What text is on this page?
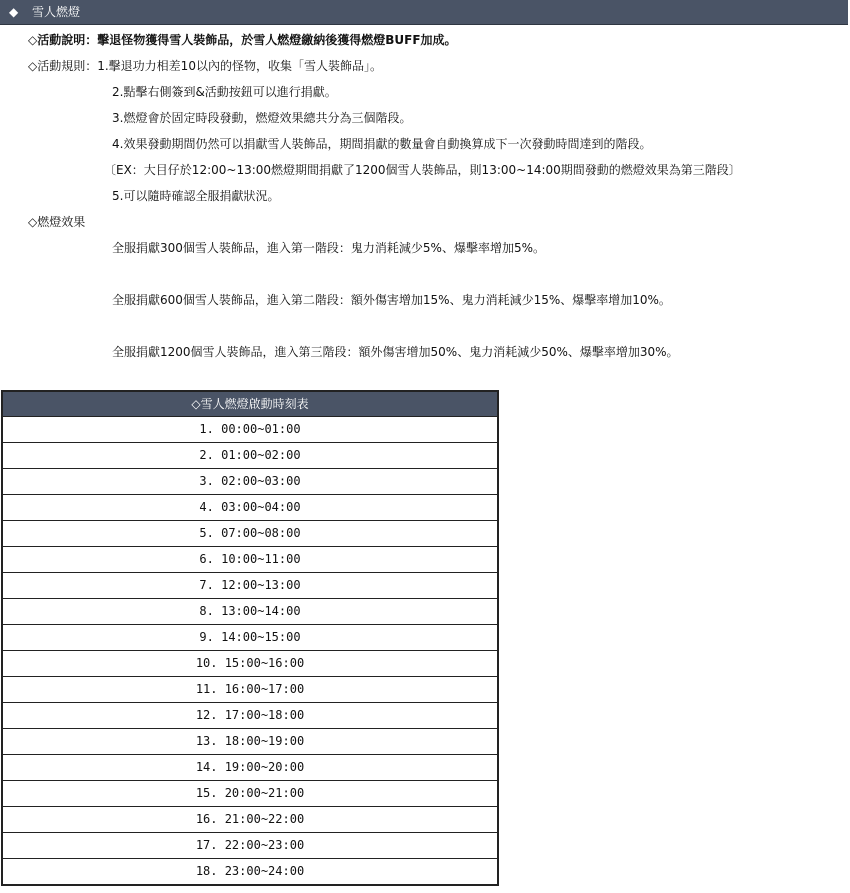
◆	雪人燃燈
◇活動說明：擊退怪物獲得雪人裝飾品，於雪人燃燈繳納後獲得燃燈BUFF加成。
◇活動規則：1.擊退功力相差10以內的怪物，收集「雪人裝飾品」。
2.點擊右側簽到&活動按鈕可以進行捐獻。
3.燃燈會於固定時段發動，燃燈效果總共分為三個階段。
4.效果發動期間仍然可以捐獻雪人裝飾品，期間捐獻的數量會自動換算成下一次發動時間達到的階段。
〔EX：大目仔於12:00~13:00燃燈期間捐獻了1200個雪人裝飾品，則13:00~14:00期間發動的燃燈效果為第三階段〕
5.可以隨時確認全服捐獻狀況。
◇燃燈效果
全服捐獻300個雪人裝飾品，進入第一階段：鬼力消耗減少5%、爆擊率增加5%。
全服捐獻600個雪人裝飾品，進入第二階段：額外傷害增加15%、鬼力消耗減少15%、爆擊率增加10%。
全服捐獻1200個雪人裝飾品，進入第三階段：額外傷害增加50%、鬼力消耗減少50%、爆擊率增加30%。
◇雪人燃燈啟動時刻表
1. 00:00~01:00
2. 01:00~02:00
3. 02:00~03:00
4. 03:00~04:00
5. 07:00~08:00
6. 10:00~11:00
7. 12:00~13:00
8. 13:00~14:00
9. 14:00~15:00
10. 15:00~16:00
11. 16:00~17:00
12. 17:00~18:00
13. 18:00~19:00
14. 19:00~20:00
15. 20:00~21:00
16. 21:00~22:00
17. 22:00~23:00
18. 23:00~24:00
